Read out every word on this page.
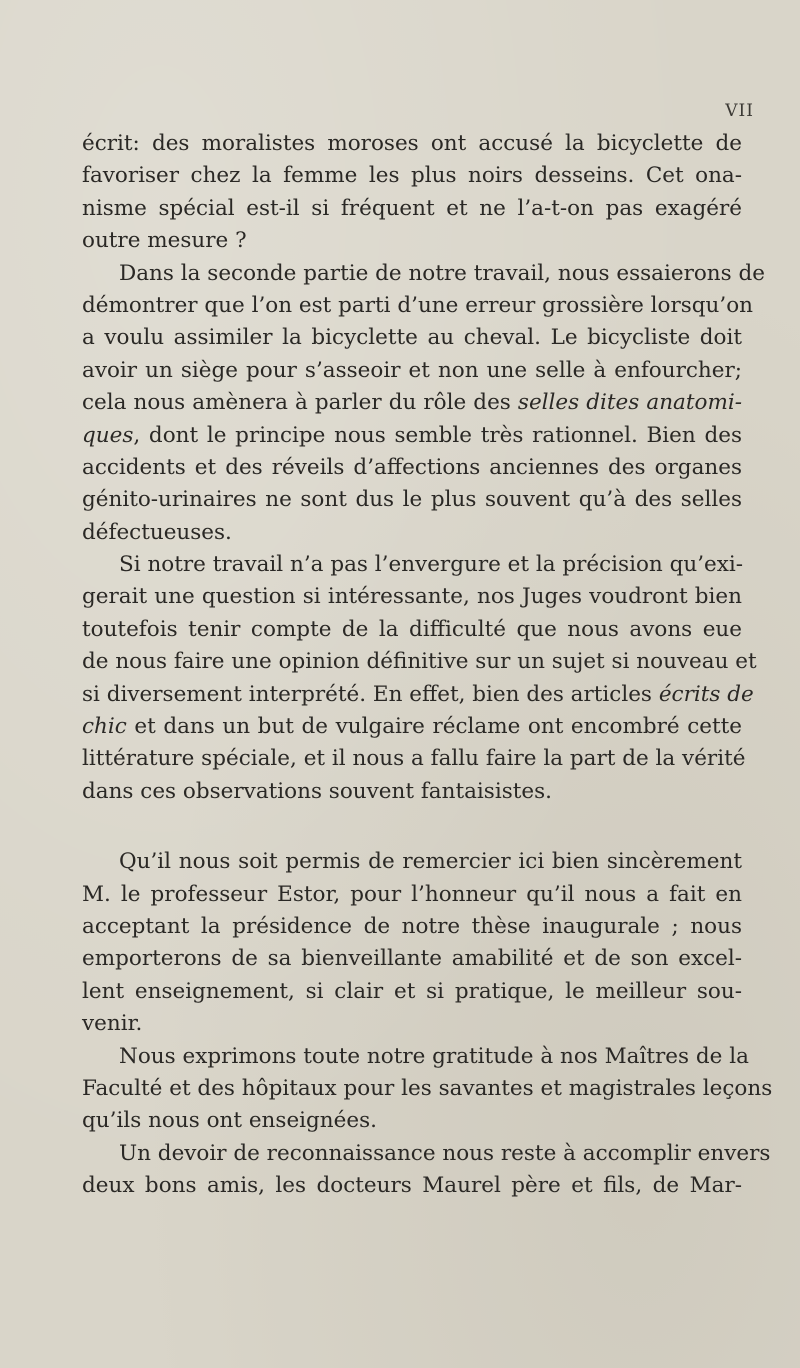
VII
écrit: des moralistes moroses ont accusé la bicyclette de
favoriser chez la femme les plus noirs desseins. Cet ona-
nisme spécial est-il si fréquent et ne l’a-t-on pas exagéré
outre mesure ?
Dans la seconde partie de notre travail, nous essaierons de
démontrer que l’on est parti d’une erreur grossière lorsqu’on
a voulu assimiler la bicyclette au cheval. Le bicycliste doit
avoir un siège pour s’asseoir et non une selle à enfourcher;
cela nous amènera à parler du rôle des selles dites anatomi-
ques, dont le principe nous semble très rationnel. Bien des
accidents et des réveils d’affections anciennes des organes
génito-urinaires ne sont dus le plus souvent qu’à des selles
défectueuses.
Si notre travail n’a pas l’envergure et la précision qu’exi-
gerait une question si intéressante, nos Juges voudront bien
toutefois tenir compte de la difficulté que nous avons eue
de nous faire une opinion définitive sur un sujet si nouveau et
si diversement interprété. En effet, bien des articles écrits de
chic et dans un but de vulgaire réclame ont encombré cette
littérature spéciale, et il nous a fallu faire la part de la vérité
dans ces observations souvent fantaisistes.
Qu’il nous soit permis de remercier ici bien sincèrement
M. le professeur Estor, pour l’honneur qu’il nous a fait en
acceptant la présidence de notre thèse inaugurale ; nous
emporterons de sa bienveillante amabilité et de son excel-
lent enseignement, si clair et si pratique, le meilleur sou-
venir.
Nous exprimons toute notre gratitude à nos Maîtres de la
Faculté et des hôpitaux pour les savantes et magistrales leçons
qu’ils nous ont enseignées.
Un devoir de reconnaissance nous reste à accomplir envers
deux bons amis, les docteurs Maurel père et fils, de Mar-
